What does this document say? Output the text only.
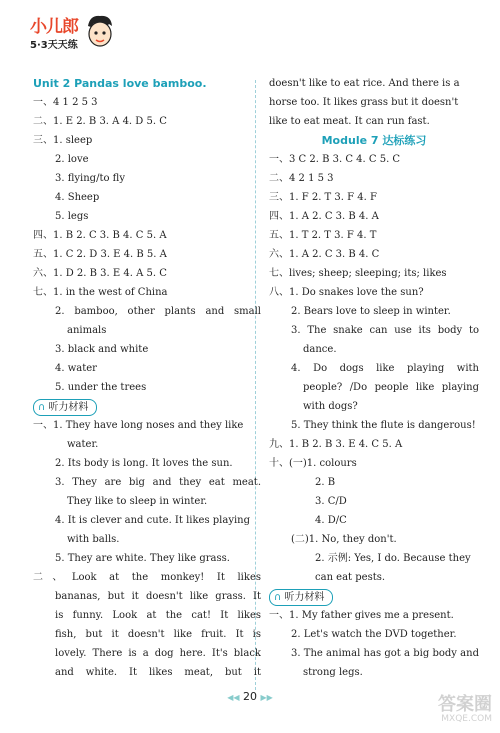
小儿郎
5·3天天练
Unit 2 Pandas love bamboo.
一、4 1 2 5 3
二、1. E 2. B 3. A 4. D 5. C
三、1. sleep
2. love
3. flying/to fly
4. Sheep
5. legs
四、1. B 2. C 3. B 4. C 5. A
五、1. C 2. D 3. E 4. B 5. A
六、1. D 2. B 3. E 4. A 5. C
七、1. in the west of China
2. bamboo, other plants and small
animals
3. black and white
4. water
5. under the trees
∩ 听力材料
一、1. They have long noses and they like
water.
2. Its body is long. It loves the sun.
3. They are big and they eat meat.
They like to sleep in winter.
4. It is clever and cute. It likes playing
with balls.
5. They are white. They like grass.
二、Look at the monkey! It likes
bananas, but it doesn't like grass. It
is funny. Look at the cat! It likes
fish, but it doesn't like fruit. It is
lovely. There is a dog here. It's black
and white. It likes meat, but it
doesn't like to eat rice. And there is a
horse too. It likes grass but it doesn't
like to eat meat. It can run fast.
Module 7 达标练习
一、3 C 2. B 3. C 4. C 5. C
二、4 2 1 5 3
三、1. F 2. T 3. F 4. F
四、1. A 2. C 3. B 4. A
五、1. T 2. T 3. F 4. T
六、1. A 2. C 3. B 4. C
七、lives; sheep; sleeping; its; likes
八、1. Do snakes love the sun?
2. Bears love to sleep in winter.
3. The snake can use its body to
dance.
4. Do dogs like playing with
people? /Do people like playing
with dogs?
5. They think the flute is dangerous!
九、1. B 2. B 3. E 4. C 5. A
十、(一)1. colours
2. B
3. C/D
4. D/C
(二)1. No, they don't.
2. 示例: Yes, I do. Because they
can eat pests.
∩ 听力材料
一、1. My father gives me a present.
2. Let's watch the DVD together.
3. The animal has got a big body and
strong legs.
◀◀ 20 ▶▶	答案圈
MXQE.COM
